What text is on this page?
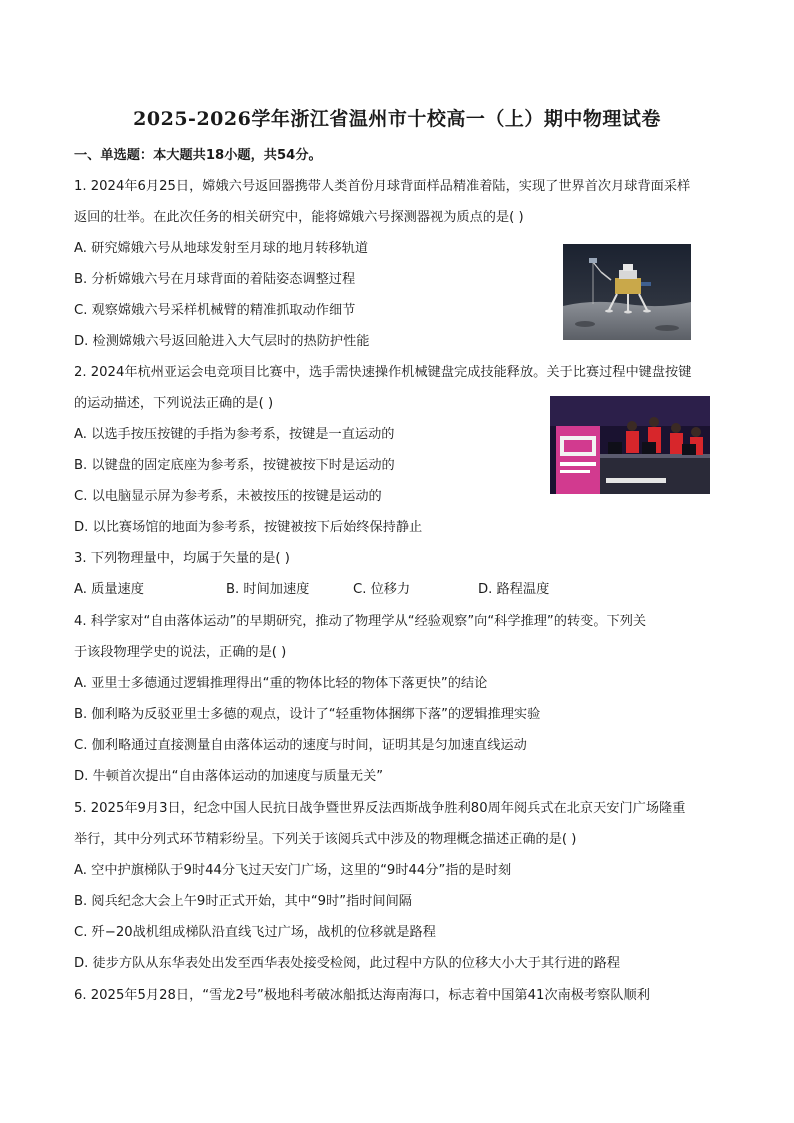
2025-2026学年浙江省温州市十校高一（上）期中物理试卷
一、单选题：本大题共18小题，共54分。
1. 2024年6月25日，嫦娥六号返回器携带人类首份月球背面样品精准着陆，实现了世界首次月球背面采样
返回的壮举。在此次任务的相关研究中，能将嫦娥六号探测器视为质点的是( )
A. 研究嫦娥六号从地球发射至月球的地月转移轨道
B. 分析嫦娥六号在月球背面的着陆姿态调整过程
C. 观察嫦娥六号采样机械臂的精准抓取动作细节
D. 检测嫦娥六号返回舱进入大气层时的热防护性能
2. 2024年杭州亚运会电竞项目比赛中，选手需快速操作机械键盘完成技能释放。关于比赛过程中键盘按键
的运动描述，下列说法正确的是( )
A. 以选手按压按键的手指为参考系，按键是一直运动的
B. 以键盘的固定底座为参考系，按键被按下时是运动的
C. 以电脑显示屏为参考系，未被按压的按键是运动的
D. 以比赛场馆的地面为参考系，按键被按下后始终保持静止
3. 下列物理量中，均属于矢量的是( )
A. 质量速度	B. 时间加速度	C. 位移力	D. 路程温度
4. 科学家对“自由落体运动”的早期研究，推动了物理学从“经验观察”向“科学推理”的转变。下列关
于该段物理学史的说法，正确的是( )
A. 亚里士多德通过逻辑推理得出“重的物体比轻的物体下落更快”的结论
B. 伽利略为反驳亚里士多德的观点，设计了“轻重物体捆绑下落”的逻辑推理实验
C. 伽利略通过直接测量自由落体运动的速度与时间，证明其是匀加速直线运动
D. 牛顿首次提出“自由落体运动的加速度与质量无关”
5. 2025年9月3日，纪念中国人民抗日战争暨世界反法西斯战争胜利80周年阅兵式在北京天安门广场隆重
举行，其中分列式环节精彩纷呈。下列关于该阅兵式中涉及的物理概念描述正确的是( )
A. 空中护旗梯队于9时44分飞过天安门广场，这里的“9时44分”指的是时刻
B. 阅兵纪念大会上午9时正式开始，其中“9时”指时间间隔
C. 歼−20战机组成梯队沿直线飞过广场，战机的位移就是路程
D. 徒步方队从东华表处出发至西华表处接受检阅，此过程中方队的位移大小大于其行进的路程
6. 2025年5月28日，“雪龙2号”极地科考破冰船抵达海南海口，标志着中国第41次南极考察队顺利
